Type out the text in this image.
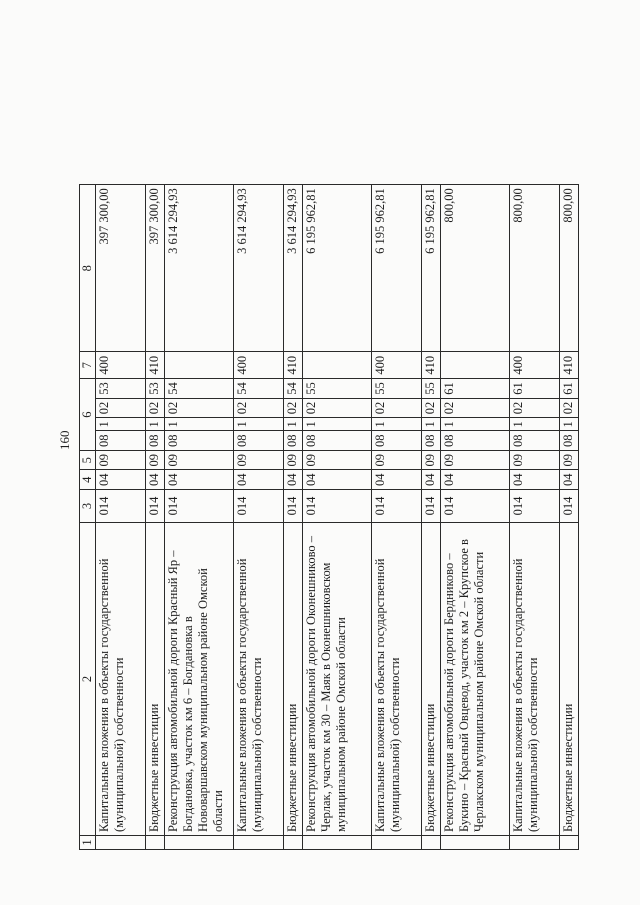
160
1	2	3	4	5	6				7	8
	Капитальные вложения в объекты государственной (муниципальной) собственности	014	04	09	08	1	02	53	400	397 300,00
	Бюджетные инвестиции	014	04	09	08	1	02	53	410	397 300,00
	Реконструкция автомобильной дороги Красный Яр – Богдановка, участок км 6 – Богдановка в Нововаршавском муниципальном районе Омской области	014	04	09	08	1	02	54		3 614 294,93
	Капитальные вложения в объекты государственной (муниципальной) собственности	014	04	09	08	1	02	54	400	3 614 294,93
	Бюджетные инвестиции	014	04	09	08	1	02	54	410	3 614 294,93
	Реконструкция автомобильной дороги Оконешниково – Черлак, участок км 30 – Маяк в Оконешниковском муниципальном районе Омской области	014	04	09	08	1	02	55		6 195 962,81
	Капитальные вложения в объекты государственной (муниципальной) собственности	014	04	09	08	1	02	55	400	6 195 962,81
	Бюджетные инвестиции	014	04	09	08	1	02	55	410	6 195 962,81
	Реконструкция автомобильной дороги Бердниково – Букино – Красный Овцевод, участок км 2 – Крупское в Черлакском муниципальном районе Омской области	014	04	09	08	1	02	61		800,00
	Капитальные вложения в объекты государственной (муниципальной) собственности	014	04	09	08	1	02	61	400	800,00
	Бюджетные инвестиции	014	04	09	08	1	02	61	410	800,00
